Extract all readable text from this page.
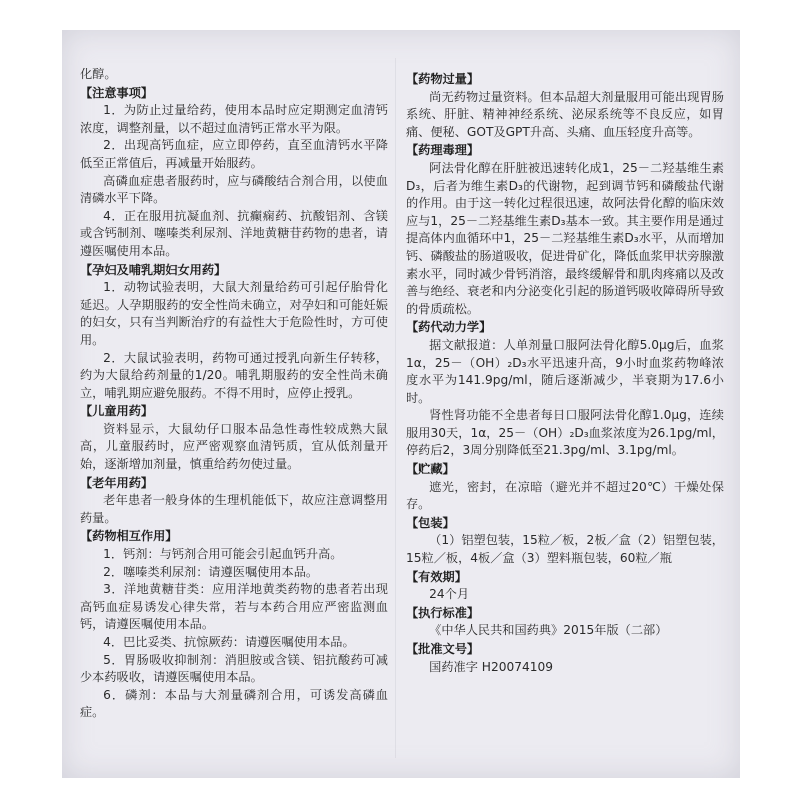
化醇。

【注意事项】

1．为防止过量给药，使用本品时应定期测定血清钙浓度，调整剂量，以不超过血清钙正常水平为限。

2．出现高钙血症，应立即停药，直至血清钙水平降低至正常值后，再减量开始服药。

高磷血症患者服药时，应与磷酸结合剂合用，以使血清磷水平下降。

4．正在服用抗凝血剂、抗癫痫药、抗酸铝剂、含镁或含钙制剂、噻嗪类利尿剂、洋地黄糖苷药物的患者，请遵医嘱使用本品。

【孕妇及哺乳期妇女用药】

1．动物试验表明，大鼠大剂量给药可引起仔胎骨化延迟。人孕期服药的安全性尚未确立，对孕妇和可能妊娠的妇女，只有当判断治疗的有益性大于危险性时，方可使用。

2．大鼠试验表明，药物可通过授乳向新生仔转移，约为大鼠给药剂量的1/20。哺乳期服药的安全性尚未确立，哺乳期应避免服药。不得不用时，应停止授乳。

【儿童用药】

资料显示，大鼠幼仔口服本品急性毒性较成熟大鼠高，儿童服药时，应严密观察血清钙质，宜从低剂量开始，逐渐增加剂量，慎重给药勿使过量。

【老年用药】

老年患者一般身体的生理机能低下，故应注意调整用药量。

【药物相互作用】

1．钙剂：与钙剂合用可能会引起血钙升高。

2．噻嗪类利尿剂：请遵医嘱使用本品。

3．洋地黄糖苷类：应用洋地黄类药物的患者若出现高钙血症易诱发心律失常，若与本药合用应严密监测血钙，请遵医嘱使用本品。

4．巴比妥类、抗惊厥药：请遵医嘱使用本品。

5．胃肠吸收抑制剂：消胆胺或含镁、铝抗酸药可减少本药吸收，请遵医嘱使用本品。

6．磷剂：本品与大剂量磷剂合用，可诱发高磷血症。

【药物过量】

尚无药物过量资料。但本品超大剂量服用可能出现胃肠系统、肝脏、精神神经系统、泌尿系统等不良反应，如胃痛、便秘、GOT及GPT升高、头痛、血压轻度升高等。

【药理毒理】

阿法骨化醇在肝脏被迅速转化成1，25－二羟基维生素D₃，后者为维生素D₃的代谢物，起到调节钙和磷酸盐代谢的作用。由于这一转化过程很迅速，故阿法骨化醇的临床效应与1，25－二羟基维生素D₃基本一致。其主要作用是通过提高体内血循环中1，25－二羟基维生素D₃水平，从而增加钙、磷酸盐的肠道吸收，促进骨矿化，降低血浆甲状旁腺激素水平，同时减少骨钙消溶，最终缓解骨和肌肉疼痛以及改善与绝经、衰老和内分泌变化引起的肠道钙吸收障碍所导致的骨质疏松。

【药代动力学】

据文献报道：人单剂量口服阿法骨化醇5.0μg后，血浆1α，25－（OH）₂D₃水平迅速升高，9小时血浆药物峰浓度水平为141.9pg/ml，随后逐渐减少，半衰期为17.6小时。

肾性肾功能不全患者每日口服阿法骨化醇1.0μg，连续服用30天，1α，25－（OH）₂D₃血浆浓度为26.1pg/ml，停药后2，3周分别降低至21.3pg/ml、3.1pg/ml。

【贮藏】

遮光，密封，在凉暗（避光并不超过20℃）干燥处保存。

【包装】

（1）铝塑包装，15粒／板，2板／盒（2）铝塑包装，15粒／板，4板／盒（3）塑料瓶包装，60粒／瓶

【有效期】

24个月

【执行标准】

《中华人民共和国药典》2015年版（二部）

【批准文号】

国药准字 H20074109
